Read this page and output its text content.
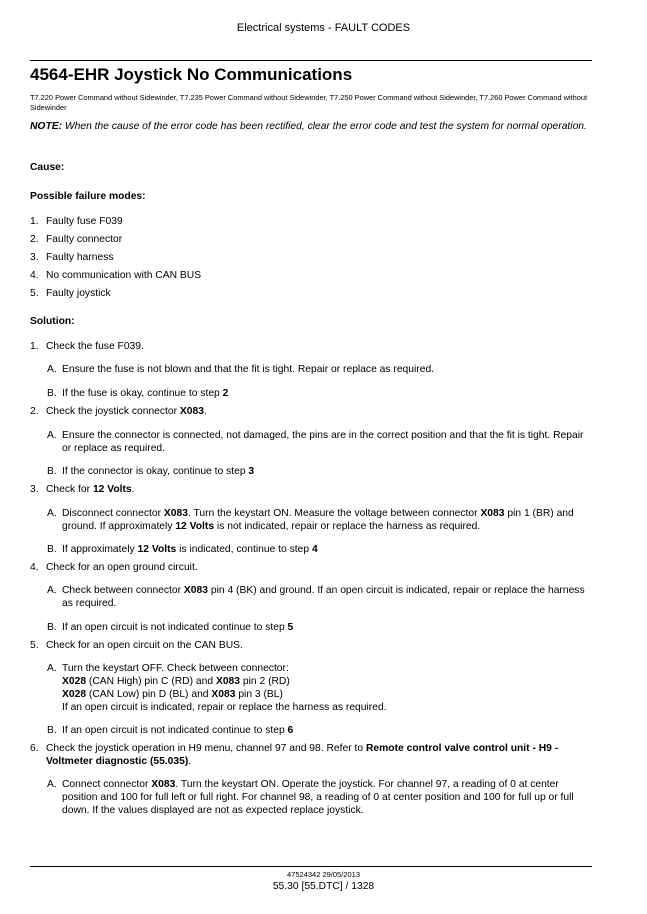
Electrical systems - FAULT CODES
4564-EHR Joystick No Communications
T7.220 Power Command without Sidewinder, T7.235 Power Command without Sidewinder, T7.250 Power Command without Sidewinder, T7.260 Power Command without Sidewinder
NOTE: When the cause of the error code has been rectified, clear the error code and test the system for normal operation.
Cause:
Possible failure modes:
1. Faulty fuse F039
2. Faulty connector
3. Faulty harness
4. No communication with CAN BUS
5. Faulty joystick
Solution:
1. Check the fuse F039.
A. Ensure the fuse is not blown and that the fit is tight. Repair or replace as required.
B. If the fuse is okay, continue to step 2
2. Check the joystick connector X083.
A. Ensure the connector is connected, not damaged, the pins are in the correct position and that the fit is tight. Repair or replace as required.
B. If the connector is okay, continue to step 3
3. Check for 12 Volts.
A. Disconnect connector X083. Turn the keystart ON. Measure the voltage between connector X083 pin 1 (BR) and ground. If approximately 12 Volts is not indicated, repair or replace the harness as required.
B. If approximately 12 Volts is indicated, continue to step 4
4. Check for an open ground circuit.
A. Check between connector X083 pin 4 (BK) and ground. If an open circuit is indicated, repair or replace the harness as required.
B. If an open circuit is not indicated continue to step 5
5. Check for an open circuit on the CAN BUS.
A. Turn the keystart OFF. Check between connector:
X028 (CAN High) pin C (RD) and X083 pin 2 (RD)
X028 (CAN Low) pin D (BL) and X083 pin 3 (BL)
If an open circuit is indicated, repair or replace the harness as required.
B. If an open circuit is not indicated continue to step 6
6. Check the joystick operation in H9 menu, channel 97 and 98. Refer to Remote control valve control unit - H9 - Voltmeter diagnostic (55.035).
A. Connect connector X083. Turn the keystart ON. Operate the joystick. For channel 97, a reading of 0 at center position and 100 for full left or full right. For channel 98, a reading of 0 at center position and 100 for full up or full down. If the values displayed are not as expected replace joystick.
47524342 29/05/2013
55.30 [55.DTC] / 1328
